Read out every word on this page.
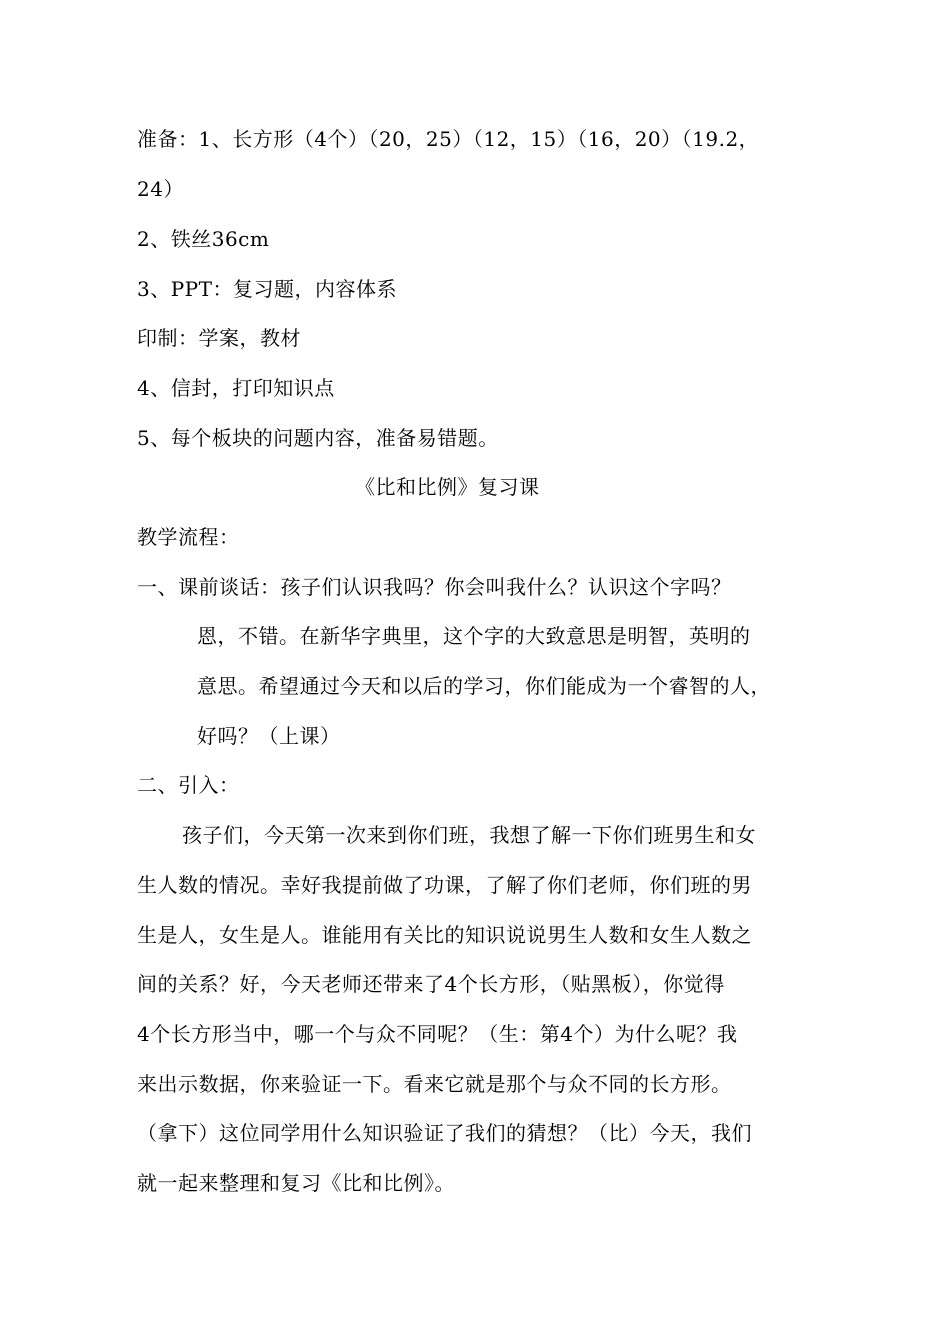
准备：1、长方形（4个）（20，25）（12，15）（16，20）（19.2，
24）
2、铁丝36cm
3、PPT：复习题，内容体系
印制：学案，教材
4、信封，打印知识点
5、每个板块的问题内容，准备易错题。
《比和比例》复习课
教学流程：
一、课前谈话：孩子们认识我吗？你会叫我什么？认识这个字吗？
恩，不错。在新华字典里，这个字的大致意思是明智，英明的
意思。希望通过今天和以后的学习，你们能成为一个睿智的人，
好吗？（上课）
二、引入：
孩子们，今天第一次来到你们班，我想了解一下你们班男生和女
生人数的情况。幸好我提前做了功课，了解了你们老师，你们班的男
生是人，女生是人。谁能用有关比的知识说说男生人数和女生人数之
间的关系？好，今天老师还带来了4个长方形，（贴黑板），你觉得
4个长方形当中，哪一个与众不同呢？（生：第4个）为什么呢？我
来出示数据，你来验证一下。看来它就是那个与众不同的长方形。
（拿下）这位同学用什么知识验证了我们的猜想？（比）今天，我们
就一起来整理和复习《比和比例》。
